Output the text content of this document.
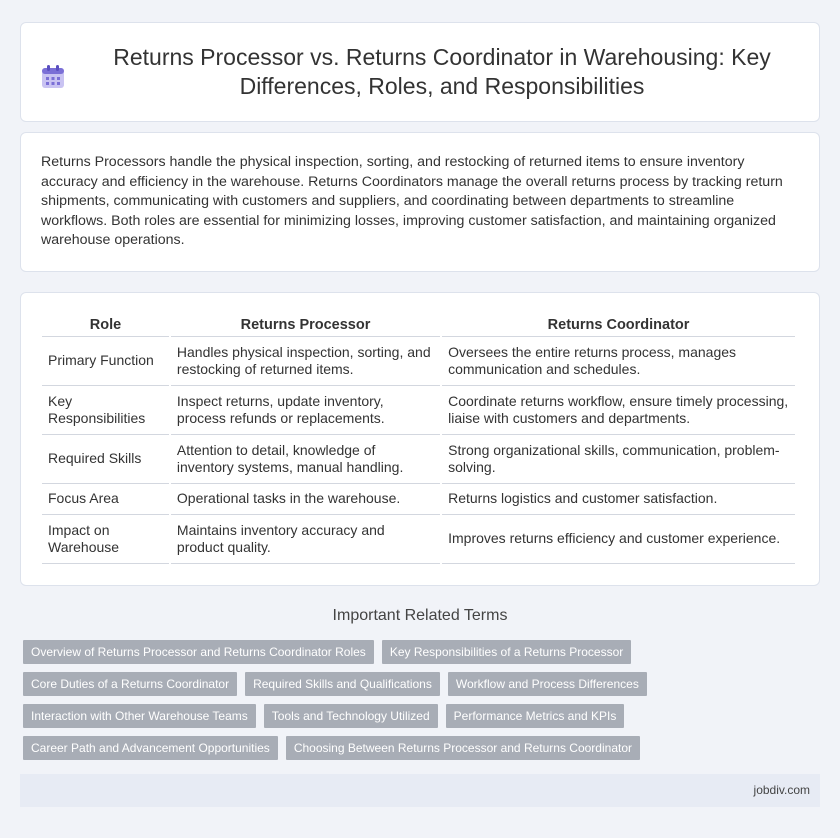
Returns Processor vs. Returns Coordinator in Warehousing: Key Differences, Roles, and Responsibilities

Returns Processors handle the physical inspection, sorting, and restocking of returned items to ensure inventory accuracy and efficiency in the warehouse. Returns Coordinators manage the overall returns process by tracking return shipments, communicating with customers and suppliers, and coordinating between departments to streamline workflows. Both roles are essential for minimizing losses, improving customer satisfaction, and maintaining organized warehouse operations.

Role	Returns Processor	Returns Coordinator
Primary Function	Handles physical inspection, sorting, and restocking of returned items.	Oversees the entire returns process, manages communication and schedules.
Key Responsibilities	Inspect returns, update inventory, process refunds or replacements.	Coordinate returns workflow, ensure timely processing, liaise with customers and departments.
Required Skills	Attention to detail, knowledge of inventory systems, manual handling.	Strong organizational skills, communication, problem-solving.
Focus Area	Operational tasks in the warehouse.	Returns logistics and customer satisfaction.
Impact on Warehouse	Maintains inventory accuracy and product quality.	Improves returns efficiency and customer experience.
Important Related Terms
Overview of Returns Processor and Returns Coordinator Roles	Key Responsibilities of a Returns Processor
Core Duties of a Returns Coordinator	Required Skills and Qualifications	Workflow and Process Differences
Interaction with Other Warehouse Teams	Tools and Technology Utilized	Performance Metrics and KPIs
Career Path and Advancement Opportunities	Choosing Between Returns Processor and Returns Coordinator
jobdiv.com
